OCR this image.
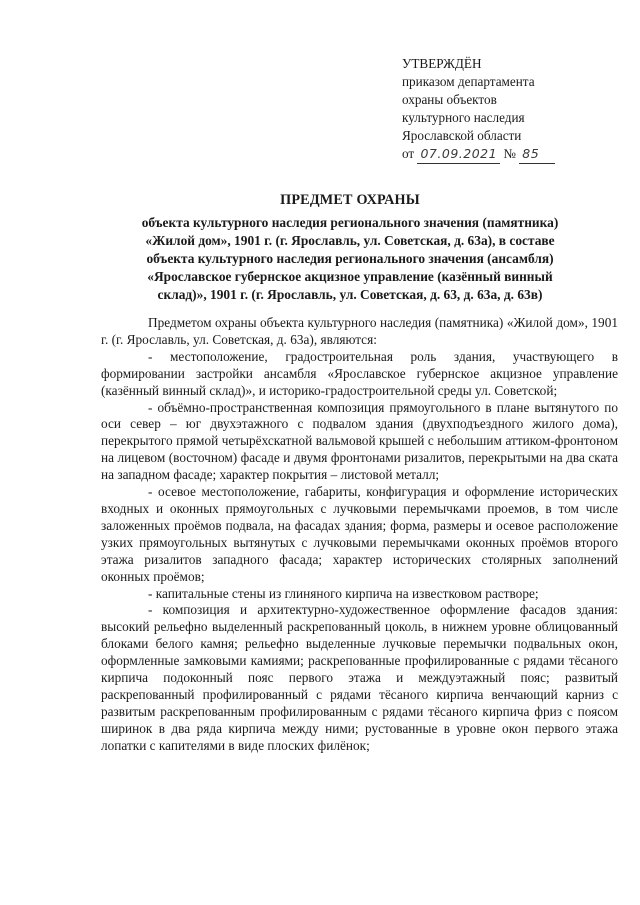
УТВЕРЖДЁН
приказом департамента
охраны объектов
культурного наследия
Ярославской области
от 07.09.2021 № 85
ПРЕДМЕТ ОХРАНЫ
объекта культурного наследия регионального значения (памятника)
«Жилой дом», 1901 г. (г. Ярославль, ул. Советская, д. 63а), в составе
объекта культурного наследия регионального значения (ансамбля)
«Ярославское губернское акцизное управление (казённый винный
склад)», 1901 г. (г. Ярославль, ул. Советская, д. 63, д. 63а, д. 63в)

Предметом охраны объекта культурного наследия (памятника) «Жилой дом», 1901 г. (г. Ярославль, ул. Советская, д. 63а), являются:

- местоположение, градостроительная роль здания, участвующего в формировании застройки ансамбля «Ярославское губернское акцизное управление (казённый винный склад)», и историко-градостроительной среды ул. Советской;

- объёмно-пространственная композиция прямоугольного в плане вытянутого по оси север – юг двухэтажного с подвалом здания (двухподъездного жилого дома), перекрытого прямой четырёхскатной вальмовой крышей с небольшим аттиком-фронтоном на лицевом (восточном) фасаде и двумя фронтонами ризалитов, перекрытыми на два ската на западном фасаде; характер покрытия – листовой металл;

- осевое местоположение, габариты, конфигурация и оформление исторических входных и оконных прямоугольных с лучковыми перемычками проемов, в том числе заложенных проёмов подвала, на фасадах здания; форма, размеры и осевое расположение узких прямоугольных вытянутых с лучковыми перемычками оконных проёмов второго этажа ризалитов западного фасада; характер исторических столярных заполнений оконных проёмов;

- капитальные стены из глиняного кирпича на известковом растворе;

- композиция и архитектурно-художественное оформление фасадов здания: высокий рельефно выделенный раскрепованный цоколь, в нижнем уровне облицованный блоками белого камня; рельефно выделенные лучковые перемычки подвальных окон, оформленные замковыми камиями; раскрепованные профилированные с рядами тёсаного кирпича подоконный пояс первого этажа и междуэтажный пояс; развитый раскрепованный профилированный с рядами тёсаного кирпича венчающий карниз с развитым раскрепованным профилированным с рядами тёсаного кирпича фриз с поясом ширинок в два ряда кирпича между ними; рустованные в уровне окон первого этажа лопатки с капителями в виде плоских филёнок;
